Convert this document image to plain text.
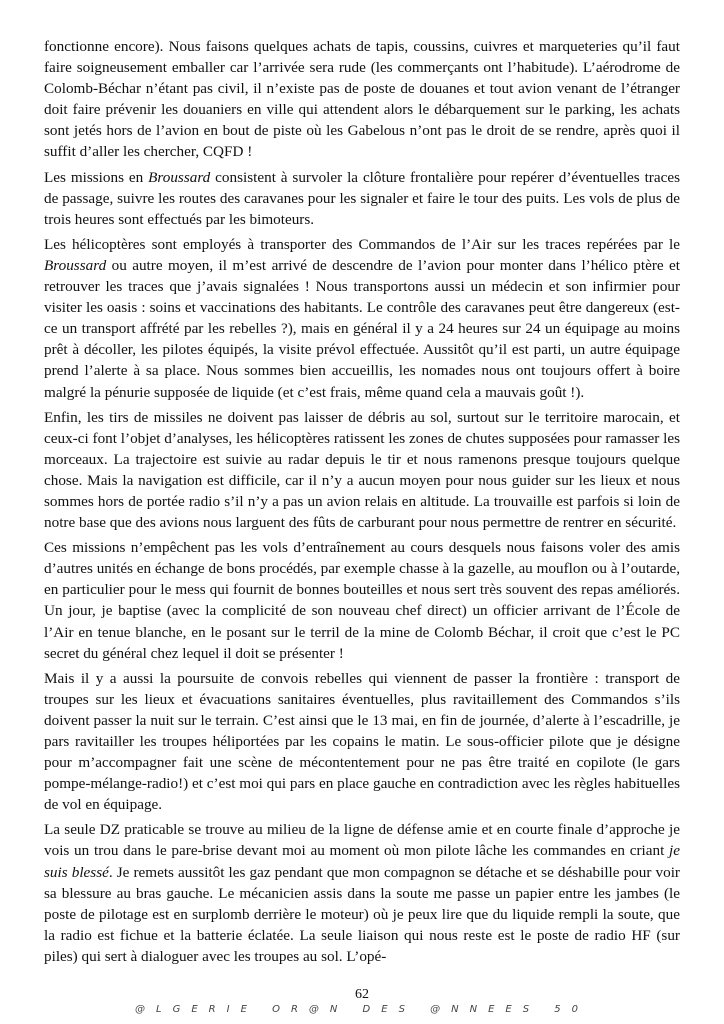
fonctionne encore). Nous faisons quelques achats de tapis, coussins, cuivres et marqueteries qu’il faut faire soigneusement emballer car l’arrivée sera rude (les commerçants ont l’habitude). L’aérodrome de Colomb-Béchar n’étant pas civil, il n’existe pas de poste de douanes et tout avion venant de l’étranger doit faire prévenir les douaniers en ville qui attendent alors le débarquement sur le parking, les achats sont jetés hors de l’avion en bout de piste où les Gabelous n’ont pas le droit de se rendre, après quoi il suffit d’aller les chercher, CQFD !

Les missions en Broussard consistent à survoler la clôture frontalière pour repérer d’éventuelles traces de passage, suivre les routes des caravanes pour les signaler et faire le tour des puits. Les vols de plus de trois heures sont effectués par les bimoteurs.

Les hélicoptères sont employés à transporter des Commandos de l’Air sur les traces repérées par le Broussard ou autre moyen, il m’est arrivé de descendre de l’avion pour monter dans l’hélico ptère et retrouver les traces que j’avais signalées ! Nous transportons aussi un médecin et son infirmier pour visiter les oasis : soins et vaccinations des habitants. Le contrôle des caravanes peut être dangereux (est-ce un transport affrété par les rebelles ?), mais en général il y a 24 heures sur 24 un équipage au moins prêt à décoller, les pilotes équipés, la visite prévol effectuée. Aussitôt qu’il est parti, un autre équipage prend l’alerte à sa place. Nous sommes bien accueillis, les nomades nous ont toujours offert à boire malgré la pénurie supposée de liquide (et c’est frais, même quand cela a mauvais goût !).

Enfin, les tirs de missiles ne doivent pas laisser de débris au sol, surtout sur le territoire marocain, et ceux-ci font l’objet d’analyses, les hélicoptères ratissent les zones de chutes supposées pour ramasser les morceaux. La trajectoire est suivie au radar depuis le tir et nous ramenons presque toujours quelque chose. Mais la navigation est difficile, car il n’y a aucun moyen pour nous guider sur les lieux et nous sommes hors de portée radio s’il n’y a pas un avion relais en altitude. La trouvaille est parfois si loin de notre base que des avions nous larguent des fûts de carburant pour nous permettre de rentrer en sécurité.

Ces missions n’empêchent pas les vols d’entraînement au cours desquels nous faisons voler des amis d’autres unités en échange de bons procédés, par exemple chasse à la gazelle, au mouflon ou à l’outarde, en particulier pour le mess qui fournit de bonnes bouteilles et nous sert très souvent des repas améliorés. Un jour, je baptise (avec la complicité de son nouveau chef direct) un officier arrivant de l’École de l’Air en tenue blanche, en le posant sur le terril de la mine de Colomb Béchar, il croit que c’est le PC secret du général chez lequel il doit se présenter !

Mais il y a aussi la poursuite de convois rebelles qui viennent de passer la frontière : transport de troupes sur les lieux et évacuations sanitaires éventuelles, plus ravitaillement des Commandos s’ils doivent passer la nuit sur le terrain. C’est ainsi que le 13 mai, en fin de journée, d’alerte à l’escadrille, je pars ravitailler les troupes héliportées par les copains le matin. Le sous-officier pilote que je désigne pour m’accompagner fait une scène de mécontentement pour ne pas être traité en copilote (le gars pompe-mélange-radio!) et c’est moi qui pars en place gauche en contradiction avec les règles habituelles de vol en équipage.

La seule DZ praticable se trouve au milieu de la ligne de défense amie et en courte finale d’approche je vois un trou dans le pare-brise devant moi au moment où mon pilote lâche les commandes en criant je suis blessé. Je remets aussitôt les gaz pendant que mon compagnon se détache et se déshabille pour voir sa blessure au bras gauche. Le mécanicien assis dans la soute me passe un papier entre les jambes (le poste de pilotage est en surplomb derrière le moteur) où je peux lire que du liquide rempli la soute, que la radio est fichue et la batterie éclatée. La seule liaison qui nous reste est le poste de radio HF (sur piles) qui sert à dialoguer avec les troupes au sol. L’opé-

62
@LGERIE OR@N DES @NNEES 50
